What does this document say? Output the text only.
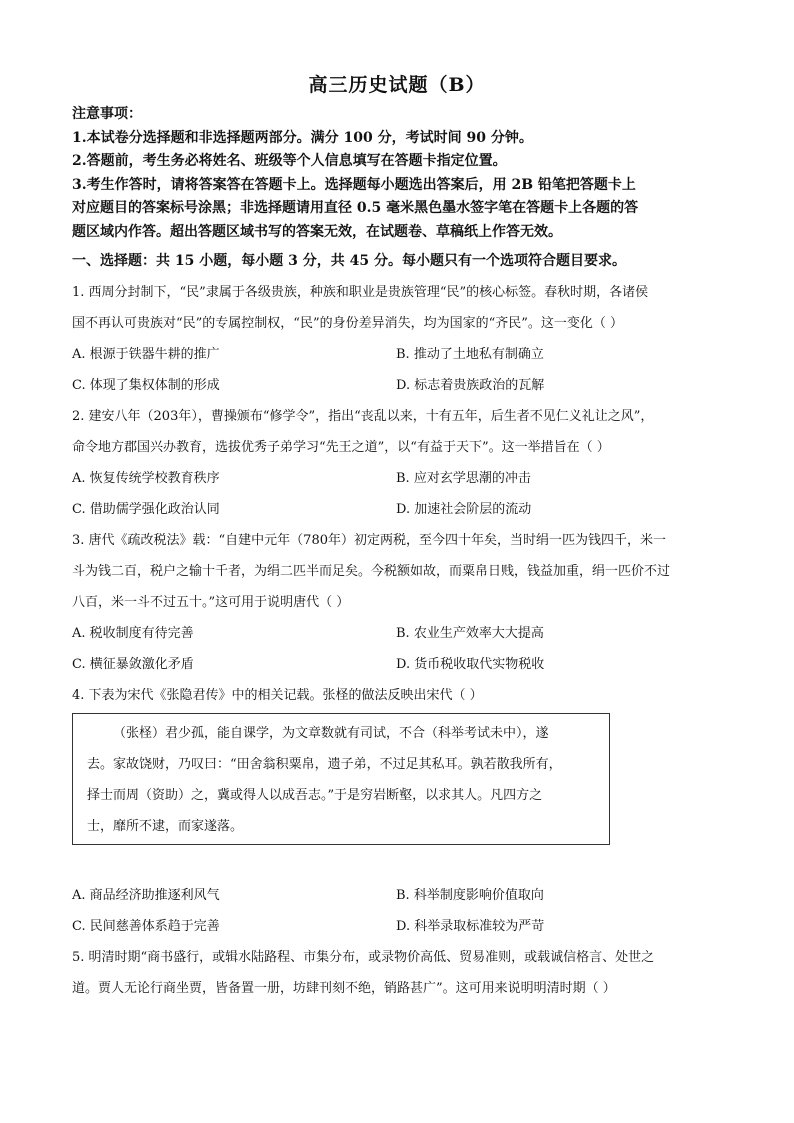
高三历史试题（B）
注意事项：
1.本试卷分选择题和非选择题两部分。满分 100 分，考试时间 90 分钟。
2.答题前，考生务必将姓名、班级等个人信息填写在答题卡指定位置。
3.考生作答时，请将答案答在答题卡上。选择题每小题选出答案后，用 2B 铅笔把答题卡上
对应题目的答案标号涂黑；非选择题请用直径 0.5 毫米黑色墨水签字笔在答题卡上各题的答
题区域内作答。超出答题区域书写的答案无效，在试题卷、草稿纸上作答无效。
一、选择题：共 15 小题，每小题 3 分，共 45 分。每小题只有一个选项符合题目要求。
1. 西周分封制下，“民”隶属于各级贵族，种族和职业是贵族管理“民”的核心标签。春秋时期，各诸侯
国不再认可贵族对“民”的专属控制权，“民”的身份差异消失，均为国家的“齐民”。这一变化（ ）
A. 根源于铁器牛耕的推广	B. 推动了土地私有制确立
C. 体现了集权体制的形成	D. 标志着贵族政治的瓦解
2. 建安八年（203年），曹操颁布“修学令”，指出“丧乱以来，十有五年，后生者不见仁义礼让之风”，
命令地方郡国兴办教育，选拔优秀子弟学习“先王之道”，以“有益于天下”。这一举措旨在（ ）
A. 恢复传统学校教育秩序	B. 应对玄学思潮的冲击
C. 借助儒学强化政治认同	D. 加速社会阶层的流动
3. 唐代《疏改税法》载：“自建中元年（780年）初定两税，至今四十年矣，当时绢一匹为钱四千，米一
斗为钱二百，税户之输十千者，为绢二匹半而足矣。今税额如故，而粟帛日贱，钱益加重，绢一匹价不过
八百，米一斗不过五十。”这可用于说明唐代（ ）
A. 税收制度有待完善	B. 农业生产效率大大提高
C. 横征暴敛激化矛盾	D. 货币税收取代实物税收
4. 下表为宋代《张隐君传》中的相关记载。张柽的做法反映出宋代（ ）
（张柽）君少孤，能自课学，为文章数就有司试，不合（科举考试未中），遂
去。家故饶财，乃叹曰：“田舍翁积粟帛，遗子弟，不过足其私耳。孰若散我所有，
择士而周（资助）之，冀或得人以成吾志。”于是穷岩断壑，以求其人。凡四方之
士，靡所不逮，而家遂落。
A. 商品经济助推逐利风气	B. 科举制度影响价值取向
C. 民间慈善体系趋于完善	D. 科举录取标准较为严苛
5. 明清时期“商书盛行，或辑水陆路程、市集分布，或录物价高低、贸易准则，或载诚信格言、处世之
道。贾人无论行商坐贾，皆备置一册，坊肆刊刻不绝，销路甚广”。这可用来说明明清时期（ ）
